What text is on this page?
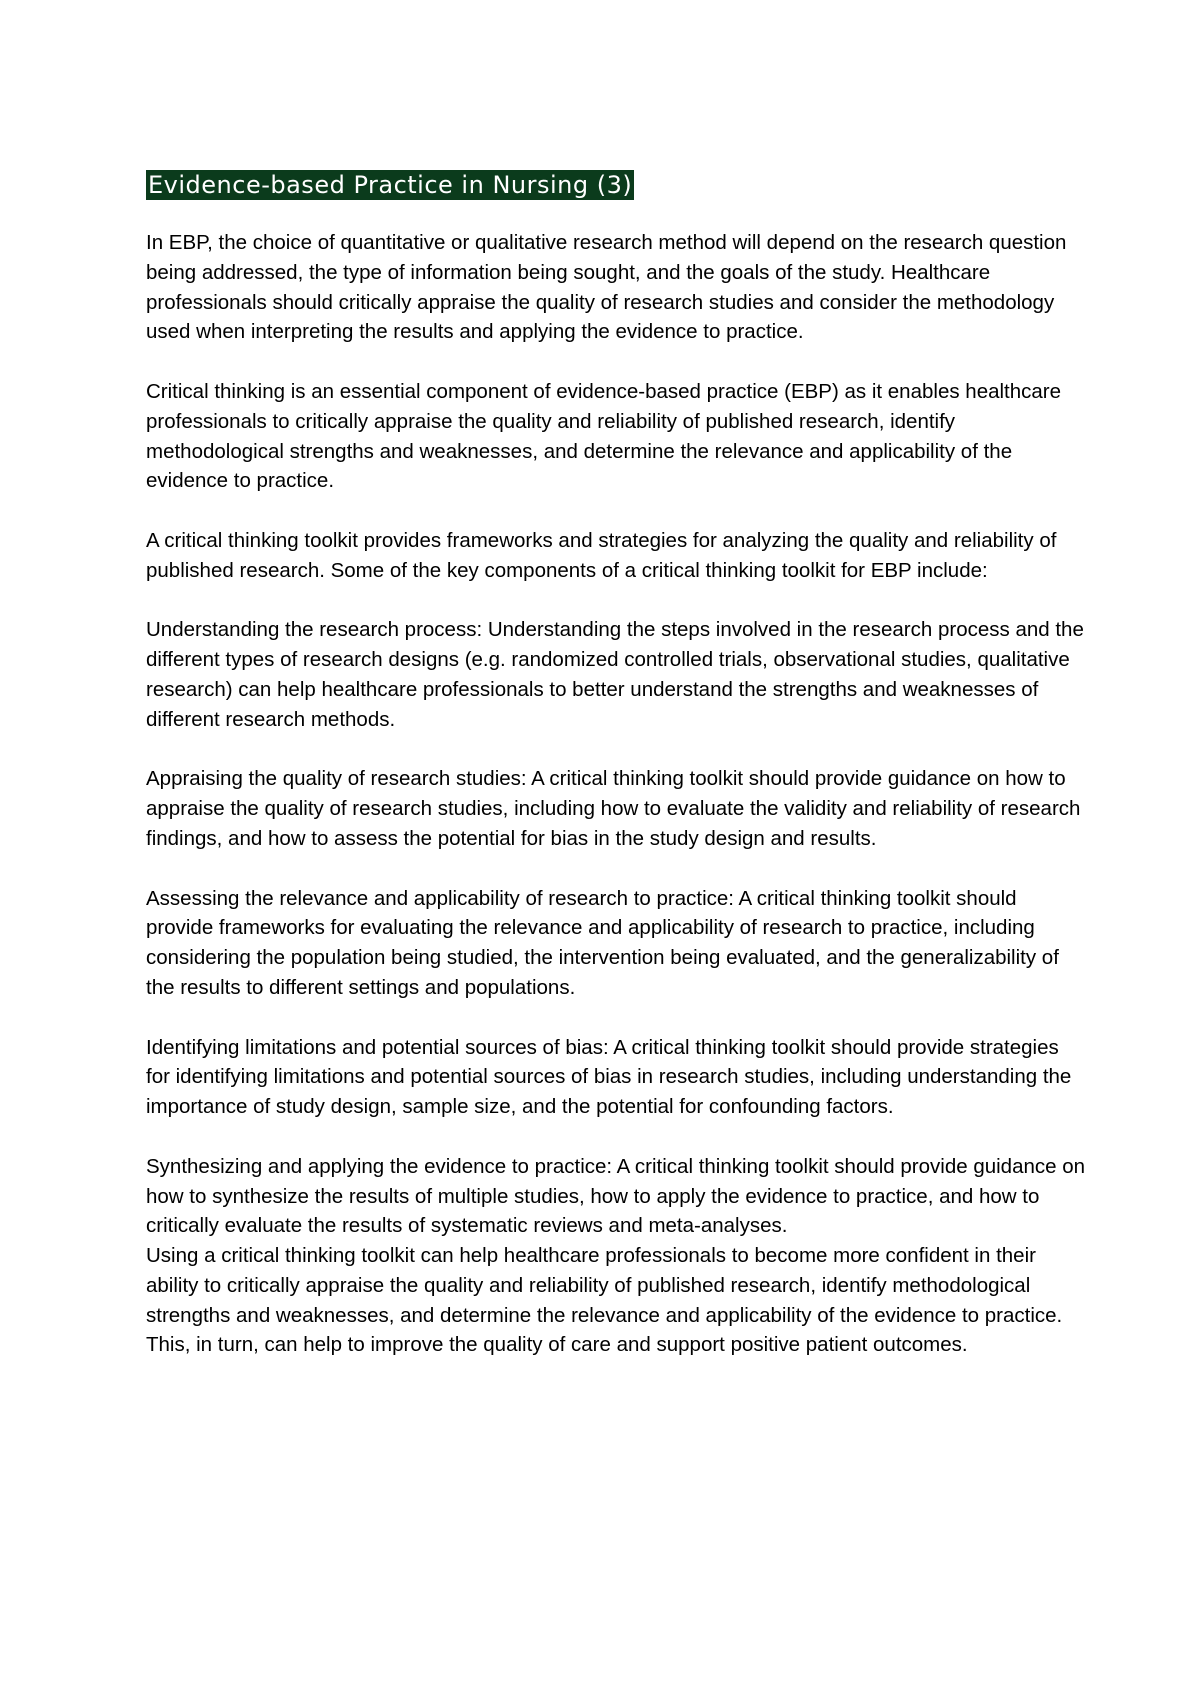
Evidence-based Practice in Nursing (3)

In EBP, the choice of quantitative or qualitative research method will depend on the research question being addressed, the type of information being sought, and the goals of the study. Healthcare professionals should critically appraise the quality of research studies and consider the methodology used when interpreting the results and applying the evidence to practice.

Critical thinking is an essential component of evidence-based practice (EBP) as it enables healthcare professionals to critically appraise the quality and reliability of published research, identify methodological strengths and weaknesses, and determine the relevance and applicability of the evidence to practice.

A critical thinking toolkit provides frameworks and strategies for analyzing the quality and reliability of published research. Some of the key components of a critical thinking toolkit for EBP include:

Understanding the research process: Understanding the steps involved in the research process and the different types of research designs (e.g. randomized controlled trials, observational studies, qualitative research) can help healthcare professionals to better understand the strengths and weaknesses of different research methods.

Appraising the quality of research studies: A critical thinking toolkit should provide guidance on how to appraise the quality of research studies, including how to evaluate the validity and reliability of research findings, and how to assess the potential for bias in the study design and results.

Assessing the relevance and applicability of research to practice: A critical thinking toolkit should provide frameworks for evaluating the relevance and applicability of research to practice, including considering the population being studied, the intervention being evaluated, and the generalizability of the results to different settings and populations.

Identifying limitations and potential sources of bias: A critical thinking toolkit should provide strategies for identifying limitations and potential sources of bias in research studies, including understanding the importance of study design, sample size, and the potential for confounding factors.

Synthesizing and applying the evidence to practice: A critical thinking toolkit should provide guidance on how to synthesize the results of multiple studies, how to apply the evidence to practice, and how to critically evaluate the results of systematic reviews and meta-analyses.

Using a critical thinking toolkit can help healthcare professionals to become more confident in their ability to critically appraise the quality and reliability of published research, identify methodological strengths and weaknesses, and determine the relevance and applicability of the evidence to practice. This, in turn, can help to improve the quality of care and support positive patient outcomes.
